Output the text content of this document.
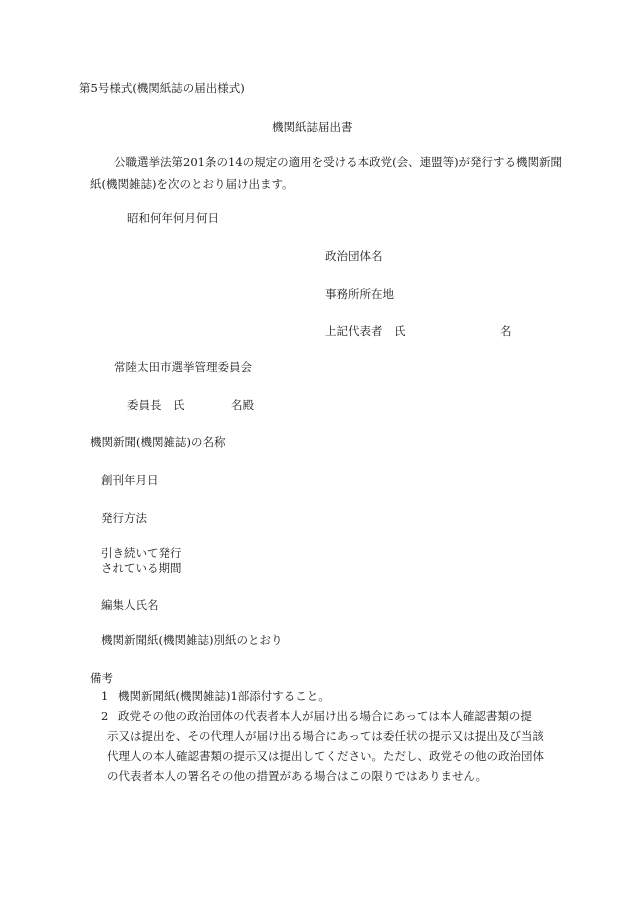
第5号様式(機関紙誌の届出様式)
機関紙誌届出書
公職選挙法第201条の14の規定の適用を受ける本政党(会、連盟等)が発行する機関新聞
紙(機関雑誌)を次のとおり届け出ます。
昭和何年何月何日
政治団体名
事務所所在地
上記代表者　氏	名
常陸太田市選挙管理委員会
委員長　氏	名殿
機関新聞(機関雑誌)の名称
創刊年月日
発行方法
引き続いて発行
されている期間
編集人氏名
機関新聞紙(機関雑誌)別紙のとおり
備考
1 機関新聞紙(機関雑誌)1部添付すること。
2 政党その他の政治団体の代表者本人が届け出る場合にあっては本人確認書類の提
示又は提出を、その代理人が届け出る場合にあっては委任状の提示又は提出及び当該
代理人の本人確認書類の提示又は提出してください。ただし、政党その他の政治団体
の代表者本人の署名その他の措置がある場合はこの限りではありません。
